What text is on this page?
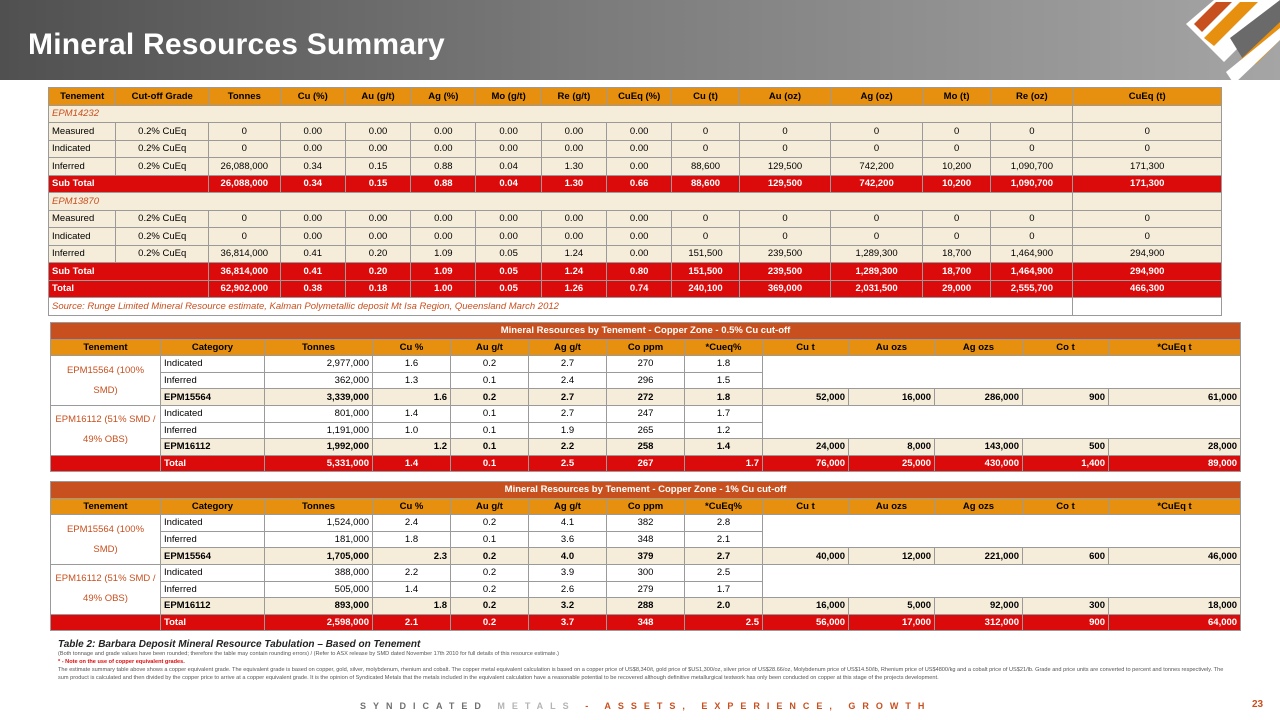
Mineral Resources Summary
Tenement	Cut-off Grade	Tonnes	Cu (%)	Au (g/t)	Ag (%)	Mo (g/t)	Re (g/t)	CuEq (%)	Cu (t)	Au (oz)	Ag (oz)	Mo (t)	Re (oz)	CuEq (t)
EPM14232														
Measured	0.2% CuEq	0	0.00	0.00	0.00	0.00	0.00	0.00	0	0	0	0	0	0
Indicated	0.2% CuEq	0	0.00	0.00	0.00	0.00	0.00	0.00	0	0	0	0	0	0
Inferred	0.2% CuEq	26,088,000	0.34	0.15	0.88	0.04	1.30	0.00	88,600	129,500	742,200	10,200	1,090,700	171,300
Sub Total		26,088,000	0.34	0.15	0.88	0.04	1.30	0.66	88,600	129,500	742,200	10,200	1,090,700	171,300
EPM13870														
Measured	0.2% CuEq	0	0.00	0.00	0.00	0.00	0.00	0.00	0	0	0	0	0	0
Indicated	0.2% CuEq	0	0.00	0.00	0.00	0.00	0.00	0.00	0	0	0	0	0	0
Inferred	0.2% CuEq	36,814,000	0.41	0.20	1.09	0.05	1.24	0.00	151,500	239,500	1,289,300	18,700	1,464,900	294,900
Sub Total		36,814,000	0.41	0.20	1.09	0.05	1.24	0.80	151,500	239,500	1,289,300	18,700	1,464,900	294,900
Total		62,902,000	0.38	0.18	1.00	0.05	1.26	0.74	240,100	369,000	2,031,500	29,000	2,555,700	466,300
Source: Runge Limited Mineral Resource estimate, Kalman Polymetallic deposit Mt Isa Region, Queensland March 2012														
Mineral Resources by Tenement - Copper Zone - 0.5% Cu cut-off												
Tenement	Category	Tonnes	Cu %	Au g/t	Ag g/t	Co ppm	*Cueq%	Cu t	Au ozs	Ag ozs	Co t	*CuEq t
EPM15564 (100% SMD)	Indicated	2,977,000	1.6	0.2	2.7	270	1.8					
	Inferred	362,000	1.3	0.1	2.4	296	1.5					
	EPM15564	3,339,000	1.6	0.2	2.7	272	1.8	52,000	16,000	286,000	900	61,000
EPM16112 (51% SMD / 49% OBS)	Indicated	801,000	1.4	0.1	2.7	247	1.7					
	Inferred	1,191,000	1.0	0.1	1.9	265	1.2					
	EPM16112	1,992,000	1.2	0.1	2.2	258	1.4	24,000	8,000	143,000	500	28,000
	Total	5,331,000	1.4	0.1	2.5	267	1.7	76,000	25,000	430,000	1,400	89,000
Mineral Resources by Tenement - Copper Zone - 1% Cu cut-off												
Tenement	Category	Tonnes	Cu %	Au g/t	Ag g/t	Co ppm	*CuEq%	Cu t	Au ozs	Ag ozs	Co t	*CuEq t
EPM15564 (100% SMD)	Indicated	1,524,000	2.4	0.2	4.1	382	2.8					
	Inferred	181,000	1.8	0.1	3.6	348	2.1					
	EPM15564	1,705,000	2.3	0.2	4.0	379	2.7	40,000	12,000	221,000	600	46,000
EPM16112 (51% SMD / 49% OBS)	Indicated	388,000	2.2	0.2	3.9	300	2.5					
	Inferred	505,000	1.4	0.2	2.6	279	1.7					
	EPM16112	893,000	1.8	0.2	3.2	288	2.0	16,000	5,000	92,000	300	18,000
	Total	2,598,000	2.1	0.2	3.7	348	2.5	56,000	17,000	312,000	900	64,000
Table 2: Barbara Deposit Mineral Resource Tabulation – Based on Tenement
(Both tonnage and grade values have been rounded; therefore the table may contain rounding errors) / (Refer to ASX release by SMD dated November 17th 2010 for full details of this resource estimate.)
* - Note on the use of copper equivalent grades.
The estimate summary table above shows a copper equivalent grade. The equivalent grade is based on copper, gold, silver, molybdenum, rhenium and cobalt. The copper metal equivalent calculation is based on a copper price of US$8,340/t, gold price of $US1,300/oz, silver price of US$28.66/oz, Molybdenum price of US$14.50/lb, Rhenium price of US$4800/kg and a cobalt price of US$21/lb. Grade and price units are converted to percent and tonnes respectively. The sum product is calculated and then divided by the copper price to arrive at a copper equivalent grade. It is the opinion of Syndicated Metals that the metals included in the equivalent calculation have a reasonable potential to be recovered although definitive metallurgical testwork has only been conducted on copper at this stage of the projects development.
SYNDICATED METALS - ASSETS, EXPERIENCE, GROWTH	23
